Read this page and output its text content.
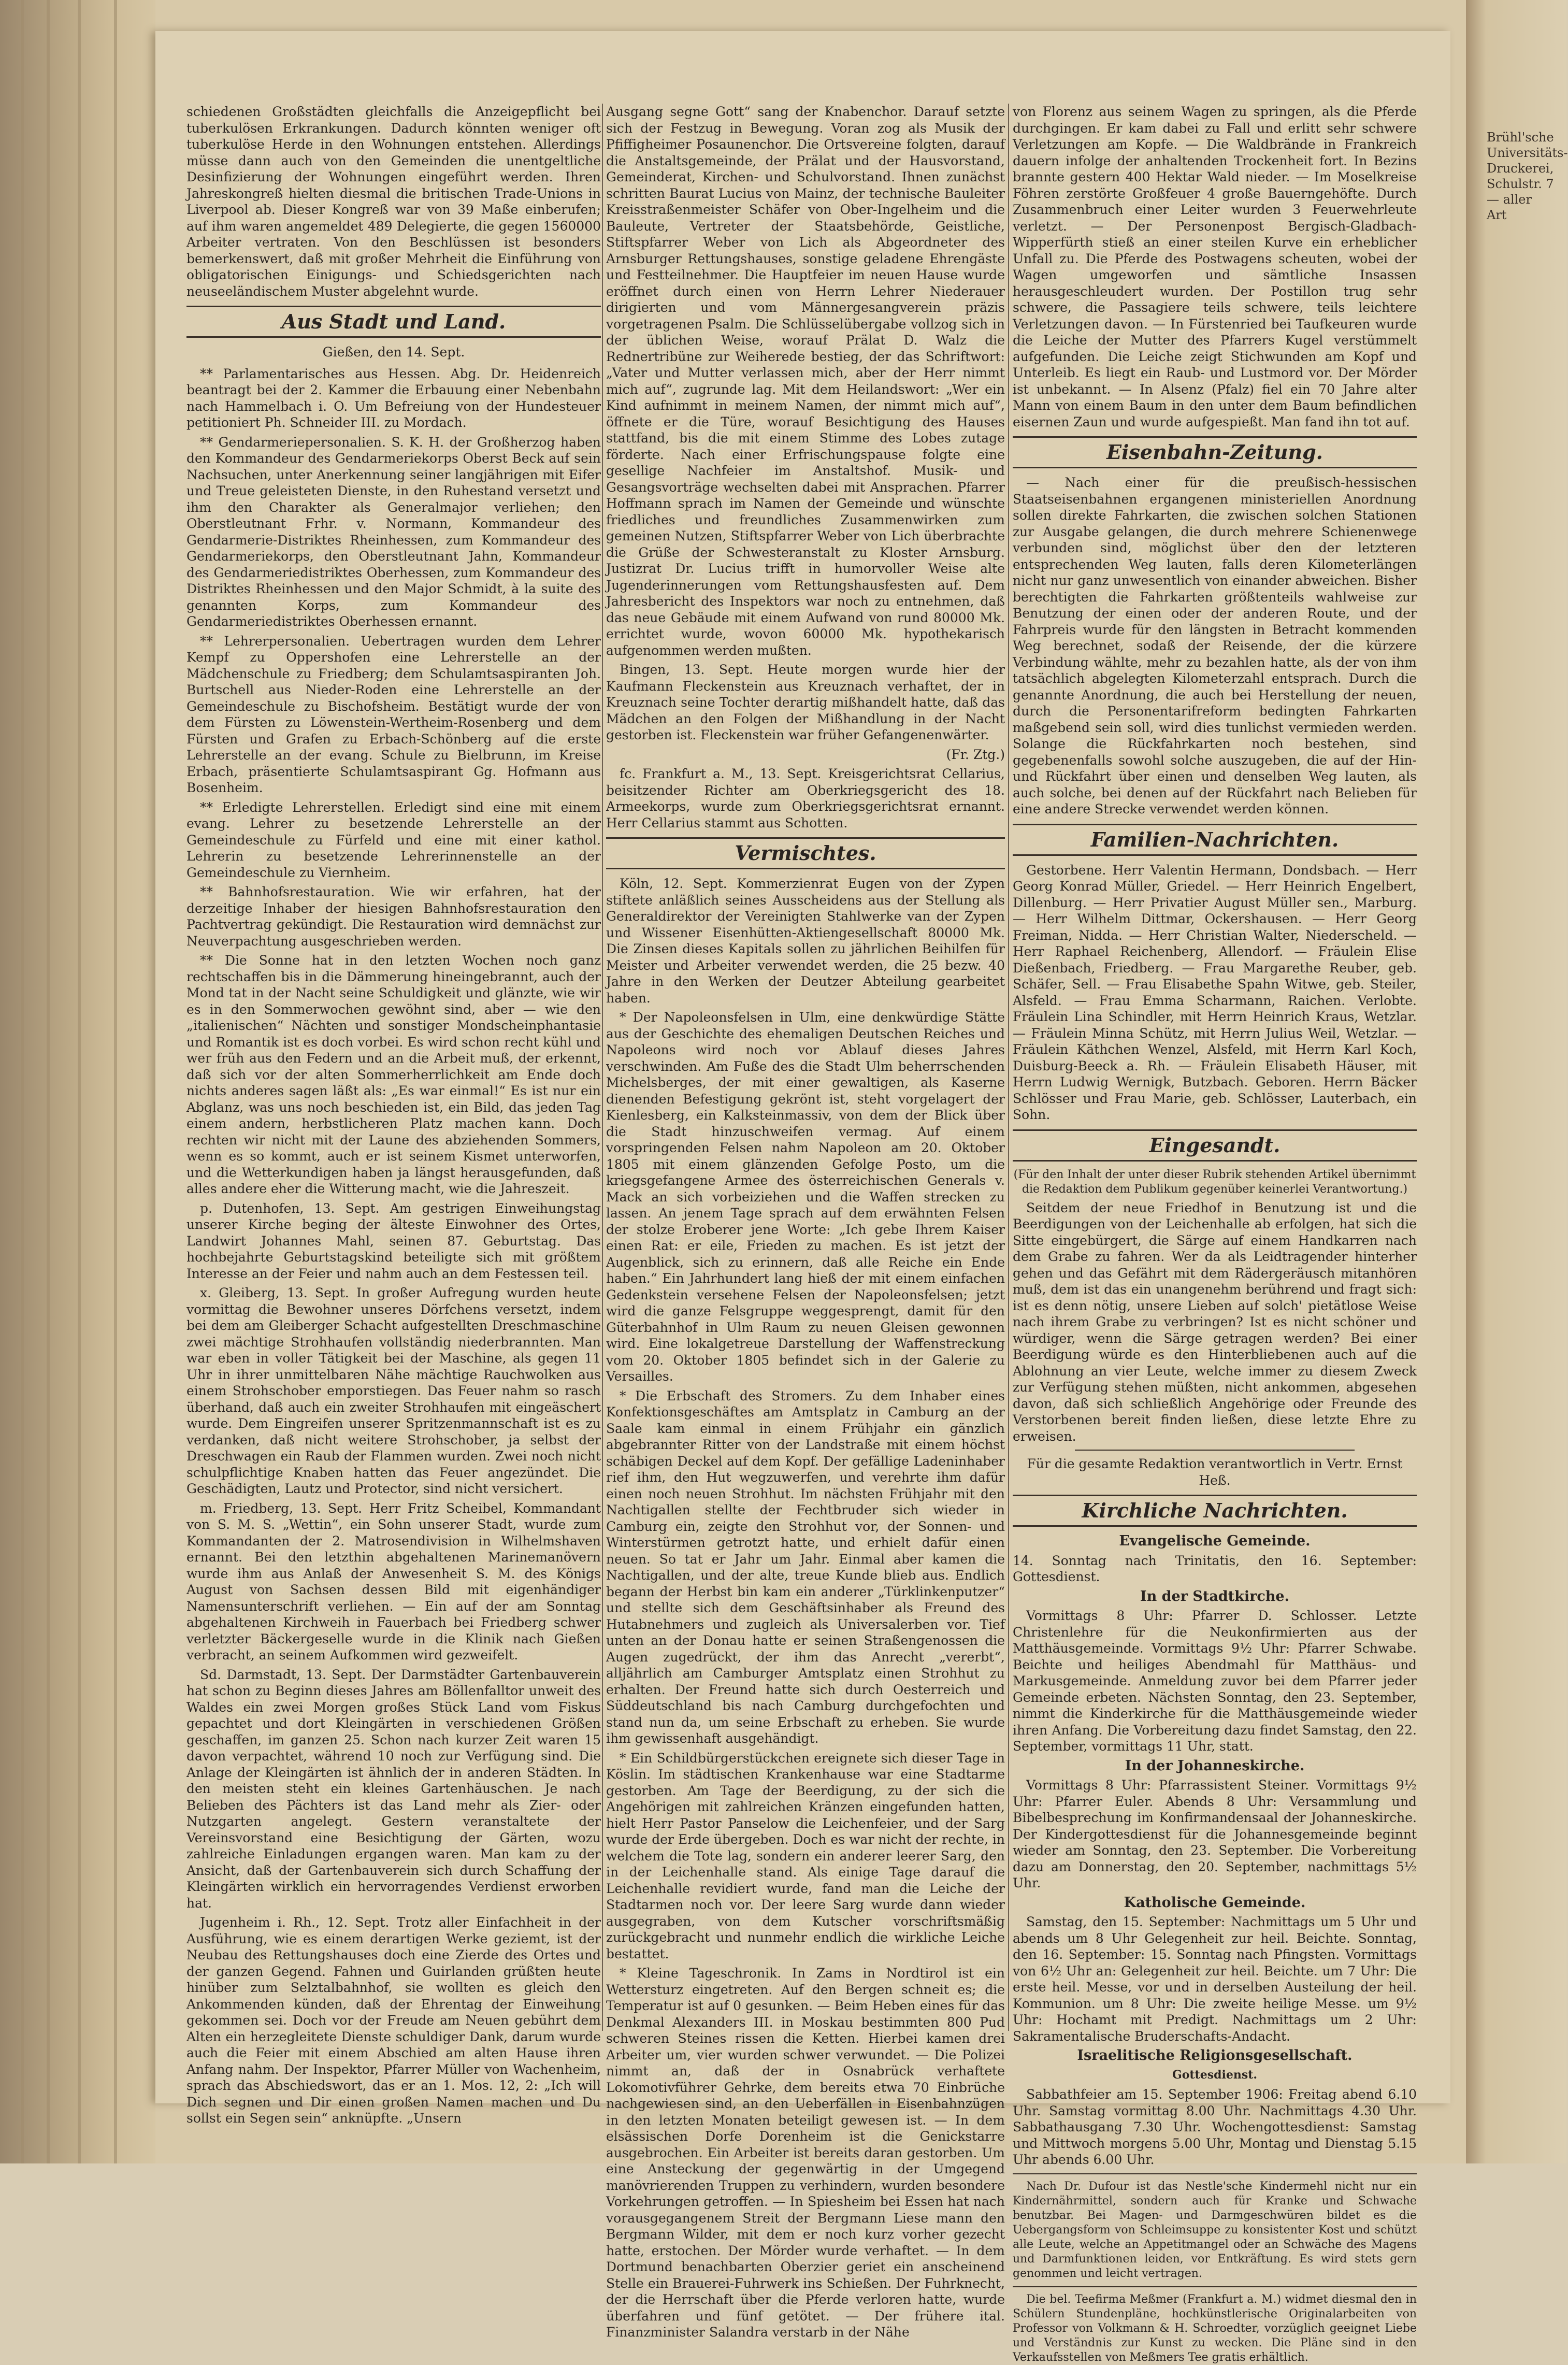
Brühl'sche Universitäts-Druckerei, Schulstr. 7 — aller Art

schiedenen Großstädten gleichfalls die Anzeigepflicht bei tuberkulösen Erkrankungen. Dadurch könnten weniger oft tuberkulöse Herde in den Wohnungen entstehen. Allerdings müsse dann auch von den Gemeinden die unentgeltliche Desinfizierung der Wohnungen eingeführt werden. Ihren Jahreskongreß hielten diesmal die britischen Trade-Unions in Liverpool ab. Dieser Kongreß war von 39 Maße einberufen; auf ihm waren angemeldet 489 Delegierte, die gegen 1560000 Arbeiter vertraten. Von den Beschlüssen ist besonders bemerkenswert, daß mit großer Mehrheit die Einführung von obligatorischen Einigungs- und Schiedsgerichten nach neuseeländischem Muster abgelehnt wurde.

Aus Stadt und Land.
Gießen, den 14. Sept.

** Parlamentarisches aus Hessen. Abg. Dr. Heidenreich beantragt bei der 2. Kammer die Erbauung einer Nebenbahn nach Hammelbach i. O. Um Befreiung von der Hundesteuer petitioniert Ph. Schneider III. zu Mordach.

** Gendarmeriepersonalien. S. K. H. der Großherzog haben den Kommandeur des Gendarmeriekorps Oberst Beck auf sein Nachsuchen, unter Anerkennung seiner langjährigen mit Eifer und Treue geleisteten Dienste, in den Ruhestand versetzt und ihm den Charakter als Generalmajor verliehen; den Oberstleutnant Frhr. v. Normann, Kommandeur des Gendarmerie-Distriktes Rheinhessen, zum Kommandeur des Gendarmeriekorps, den Oberstleutnant Jahn, Kommandeur des Gendarmeriedistriktes Oberhessen, zum Kommandeur des Distriktes Rheinhessen und den Major Schmidt, à la suite des genannten Korps, zum Kommandeur des Gendarmeriedistriktes Oberhessen ernannt.

** Lehrerpersonalien. Uebertragen wurden dem Lehrer Kempf zu Oppershofen eine Lehrerstelle an der Mädchenschule zu Friedberg; dem Schulamtsaspiranten Joh. Burtschell aus Nieder-Roden eine Lehrerstelle an der Gemeindeschule zu Bischofsheim. Bestätigt wurde der von dem Fürsten zu Löwenstein-Wertheim-Rosenberg und dem Fürsten und Grafen zu Erbach-Schönberg auf die erste Lehrerstelle an der evang. Schule zu Bielbrunn, im Kreise Erbach, präsentierte Schulamtsaspirant Gg. Hofmann aus Bosenheim.

** Erledigte Lehrerstellen. Erledigt sind eine mit einem evang. Lehrer zu besetzende Lehrerstelle an der Gemeindeschule zu Fürfeld und eine mit einer kathol. Lehrerin zu besetzende Lehrerinnenstelle an der Gemeindeschule zu Viernheim.

** Bahnhofsrestauration. Wie wir erfahren, hat der derzeitige Inhaber der hiesigen Bahnhofsrestauration den Pachtvertrag gekündigt. Die Restauration wird demnächst zur Neuverpachtung ausgeschrieben werden.

** Die Sonne hat in den letzten Wochen noch ganz rechtschaffen bis in die Dämmerung hineingebrannt, auch der Mond tat in der Nacht seine Schuldigkeit und glänzte, wie wir es in den Sommerwochen gewöhnt sind, aber — wie den „italienischen“ Nächten und sonstiger Mondscheinphantasie und Romantik ist es doch vorbei. Es wird schon recht kühl und wer früh aus den Federn und an die Arbeit muß, der erkennt, daß sich vor der alten Sommerherrlichkeit am Ende doch nichts anderes sagen läßt als: „Es war einmal!“ Es ist nur ein Abglanz, was uns noch beschieden ist, ein Bild, das jeden Tag einem andern, herbstlicheren Platz machen kann. Doch rechten wir nicht mit der Laune des abziehenden Sommers, wenn es so kommt, auch er ist seinem Kismet unterworfen, und die Wetterkundigen haben ja längst herausgefunden, daß alles andere eher die Witterung macht, wie die Jahreszeit.

p. Dutenhofen, 13. Sept. Am gestrigen Einweihungstag unserer Kirche beging der älteste Einwohner des Ortes, Landwirt Johannes Mahl, seinen 87. Geburtstag. Das hochbejahrte Geburtstagskind beteiligte sich mit größtem Interesse an der Feier und nahm auch an dem Festessen teil.

x. Gleiberg, 13. Sept. In großer Aufregung wurden heute vormittag die Bewohner unseres Dörfchens versetzt, indem bei dem am Gleiberger Schacht aufgestellten Dreschmaschine zwei mächtige Strohhaufen vollständig niederbrannten. Man war eben in voller Tätigkeit bei der Maschine, als gegen 11 Uhr in ihrer unmittelbaren Nähe mächtige Rauchwolken aus einem Strohschober emporstiegen. Das Feuer nahm so rasch überhand, daß auch ein zweiter Strohhaufen mit eingeäschert wurde. Dem Eingreifen unserer Spritzenmannschaft ist es zu verdanken, daß nicht weitere Strohschober, ja selbst der Dreschwagen ein Raub der Flammen wurden. Zwei noch nicht schulpflichtige Knaben hatten das Feuer angezündet. Die Geschädigten, Lautz und Protector, sind nicht versichert.

m. Friedberg, 13. Sept. Herr Fritz Scheibel, Kommandant von S. M. S. „Wettin“, ein Sohn unserer Stadt, wurde zum Kommandanten der 2. Matrosendivision in Wilhelmshaven ernannt. Bei den letzthin abgehaltenen Marinemanövern wurde ihm aus Anlaß der Anwesenheit S. M. des Königs August von Sachsen dessen Bild mit eigenhändiger Namensunterschrift verliehen. — Ein auf der am Sonntag abgehaltenen Kirchweih in Fauerbach bei Friedberg schwer verletzter Bäckergeselle wurde in die Klinik nach Gießen verbracht, an seinem Aufkommen wird gezweifelt.

Sd. Darmstadt, 13. Sept. Der Darmstädter Gartenbauverein hat schon zu Beginn dieses Jahres am Böllenfalltor unweit des Waldes ein zwei Morgen großes Stück Land vom Fiskus gepachtet und dort Kleingärten in verschiedenen Größen geschaffen, im ganzen 25. Schon nach kurzer Zeit waren 15 davon verpachtet, während 10 noch zur Verfügung sind. Die Anlage der Kleingärten ist ähnlich der in anderen Städten. In den meisten steht ein kleines Gartenhäuschen. Je nach Belieben des Pächters ist das Land mehr als Zier- oder Nutzgarten angelegt. Gestern veranstaltete der Vereinsvorstand eine Besichtigung der Gärten, wozu zahlreiche Einladungen ergangen waren. Man kam zu der Ansicht, daß der Gartenbauverein sich durch Schaffung der Kleingärten wirklich ein hervorragendes Verdienst erworben hat.

Jugenheim i. Rh., 12. Sept. Trotz aller Einfachheit in der Ausführung, wie es einem derartigen Werke geziemt, ist der Neubau des Rettungshauses doch eine Zierde des Ortes und der ganzen Gegend. Fahnen und Guirlanden grüßten heute hinüber zum Selztalbahnhof, sie wollten es gleich den Ankommenden künden, daß der Ehrentag der Einweihung gekommen sei. Doch vor der Freude am Neuen gebührt dem Alten ein herzegleitete Dienste schuldiger Dank, darum wurde auch die Feier mit einem Abschied am alten Hause ihren Anfang nahm. Der Inspektor, Pfarrer Müller von Wachenheim, sprach das Abschiedswort, das er an 1. Mos. 12, 2: „Ich will Dich segnen und Dir einen großen Namen machen und Du sollst ein Segen sein“ anknüpfte. „Unsern

Ausgang segne Gott“ sang der Knabenchor. Darauf setzte sich der Festzug in Bewegung. Voran zog als Musik der Pfiffigheimer Posaunenchor. Die Ortsvereine folgten, darauf die Anstaltsgemeinde, der Prälat und der Hausvorstand, Gemeinderat, Kirchen- und Schulvorstand. Ihnen zunächst schritten Baurat Lucius von Mainz, der technische Bauleiter Kreisstraßenmeister Schäfer von Ober-Ingelheim und die Bauleute, Vertreter der Staatsbehörde, Geistliche, Stiftspfarrer Weber von Lich als Abgeordneter des Arnsburger Rettungshauses, sonstige geladene Ehrengäste und Festteilnehmer. Die Hauptfeier im neuen Hause wurde eröffnet durch einen von Herrn Lehrer Niederauer dirigierten und vom Männergesangverein präzis vorgetragenen Psalm. Die Schlüsselübergabe vollzog sich in der üblichen Weise, worauf Prälat D. Walz die Rednertribüne zur Weiherede bestieg, der das Schriftwort: „Vater und Mutter verlassen mich, aber der Herr nimmt mich auf“, zugrunde lag. Mit dem Heilandswort: „Wer ein Kind aufnimmt in meinem Namen, der nimmt mich auf“, öffnete er die Türe, worauf Besichtigung des Hauses stattfand, bis die mit einem Stimme des Lobes zutage förderte. Nach einer Erfrischungspause folgte eine gesellige Nachfeier im Anstaltshof. Musik- und Gesangsvorträge wechselten dabei mit Ansprachen. Pfarrer Hoffmann sprach im Namen der Gemeinde und wünschte friedliches und freundliches Zusammenwirken zum gemeinen Nutzen, Stiftspfarrer Weber von Lich überbrachte die Grüße der Schwesteranstalt zu Kloster Arnsburg. Justizrat Dr. Lucius trifft in humorvoller Weise alte Jugenderinnerungen vom Rettungshausfesten auf. Dem Jahresbericht des Inspektors war noch zu entnehmen, daß das neue Gebäude mit einem Aufwand von rund 80000 Mk. errichtet wurde, wovon 60000 Mk. hypothekarisch aufgenommen werden mußten.

Bingen, 13. Sept. Heute morgen wurde hier der Kaufmann Fleckenstein aus Kreuznach verhaftet, der in Kreuznach seine Tochter derartig mißhandelt hatte, daß das Mädchen an den Folgen der Mißhandlung in der Nacht gestorben ist. Fleckenstein war früher Gefangenenwärter.

(Fr. Ztg.)

fc. Frankfurt a. M., 13. Sept. Kreisgerichtsrat Cellarius, beisitzender Richter am Oberkriegsgericht des 18. Armeekorps, wurde zum Oberkriegsgerichtsrat ernannt. Herr Cellarius stammt aus Schotten.

Vermischtes.

Köln, 12. Sept. Kommerzienrat Eugen von der Zypen stiftete anläßlich seines Ausscheidens aus der Stellung als Generaldirektor der Vereinigten Stahlwerke van der Zypen und Wissener Eisenhütten-Aktiengesellschaft 80000 Mk. Die Zinsen dieses Kapitals sollen zu jährlichen Beihilfen für Meister und Arbeiter verwendet werden, die 25 bezw. 40 Jahre in den Werken der Deutzer Abteilung gearbeitet haben.

* Der Napoleonsfelsen in Ulm, eine denkwürdige Stätte aus der Geschichte des ehemaligen Deutschen Reiches und Napoleons wird noch vor Ablauf dieses Jahres verschwinden. Am Fuße des die Stadt Ulm beherrschenden Michelsberges, der mit einer gewaltigen, als Kaserne dienenden Befestigung gekrönt ist, steht vorgelagert der Kienlesberg, ein Kalksteinmassiv, von dem der Blick über die Stadt hinzuschweifen vermag. Auf einem vorspringenden Felsen nahm Napoleon am 20. Oktober 1805 mit einem glänzenden Gefolge Posto, um die kriegsgefangene Armee des österreichischen Generals v. Mack an sich vorbeiziehen und die Waffen strecken zu lassen. An jenem Tage sprach auf dem erwähnten Felsen der stolze Eroberer jene Worte: „Ich gebe Ihrem Kaiser einen Rat: er eile, Frieden zu machen. Es ist jetzt der Augenblick, sich zu erinnern, daß alle Reiche ein Ende haben.“ Ein Jahrhundert lang hieß der mit einem einfachen Gedenkstein versehene Felsen der Napoleonsfelsen; jetzt wird die ganze Felsgruppe weggesprengt, damit für den Güterbahnhof in Ulm Raum zu neuen Gleisen gewonnen wird. Eine lokalgetreue Darstellung der Waffenstreckung vom 20. Oktober 1805 befindet sich in der Galerie zu Versailles.

* Die Erbschaft des Stromers. Zu dem Inhaber eines Konfektionsgeschäftes am Amtsplatz in Camburg an der Saale kam einmal in einem Frühjahr ein gänzlich abgebrannter Ritter von der Landstraße mit einem höchst schäbigen Deckel auf dem Kopf. Der gefällige Ladeninhaber rief ihm, den Hut wegzuwerfen, und verehrte ihm dafür einen noch neuen Strohhut. Im nächsten Frühjahr mit den Nachtigallen stellte der Fechtbruder sich wieder in Camburg ein, zeigte den Strohhut vor, der Sonnen- und Winterstürmen getrotzt hatte, und erhielt dafür einen neuen. So tat er Jahr um Jahr. Einmal aber kamen die Nachtigallen, und der alte, treue Kunde blieb aus. Endlich begann der Herbst bin kam ein anderer „Türklinkenputzer“ und stellte sich dem Geschäftsinhaber als Freund des Hutabnehmers und zugleich als Universalerben vor. Tief unten an der Donau hatte er seinen Straßengenossen die Augen zugedrückt, der ihm das Anrecht „vererbt“, alljährlich am Camburger Amtsplatz einen Strohhut zu erhalten. Der Freund hatte sich durch Oesterreich und Süddeutschland bis nach Camburg durchgefochten und stand nun da, um seine Erbschaft zu erheben. Sie wurde ihm gewissenhaft ausgehändigt.

* Ein Schildbürgerstückchen ereignete sich dieser Tage in Köslin. Im städtischen Krankenhause war eine Stadtarme gestorben. Am Tage der Beerdigung, zu der sich die Angehörigen mit zahlreichen Kränzen eingefunden hatten, hielt Herr Pastor Panselow die Leichenfeier, und der Sarg wurde der Erde übergeben. Doch es war nicht der rechte, in welchem die Tote lag, sondern ein anderer leerer Sarg, den in der Leichenhalle stand. Als einige Tage darauf die Leichenhalle revidiert wurde, fand man die Leiche der Stadtarmen noch vor. Der leere Sarg wurde dann wieder ausgegraben, von dem Kutscher vorschriftsmäßig zurückgebracht und nunmehr endlich die wirkliche Leiche bestattet.

* Kleine Tageschronik. In Zams in Nordtirol ist ein Wettersturz eingetreten. Auf den Bergen schneit es; die Temperatur ist auf 0 gesunken. — Beim Heben eines für das Denkmal Alexanders III. in Moskau bestimmten 800 Pud schweren Steines rissen die Ketten. Hierbei kamen drei Arbeiter um, vier wurden schwer verwundet. — Die Polizei nimmt an, daß der in Osnabrück verhaftete Lokomotivführer Gehrke, dem bereits etwa 70 Einbrüche nachgewiesen sind, an den Ueberfällen in Eisenbahnzügen in den letzten Monaten beteiligt gewesen ist. — In dem elsässischen Dorfe Dorenheim ist die Genickstarre ausgebrochen. Ein Arbeiter ist bereits daran gestorben. Um eine Ansteckung der gegenwärtig in der Umgegend manövrierenden Truppen zu verhindern, wurden besondere Vorkehrungen getroffen. — In Spiesheim bei Essen hat nach vorausgegangenem Streit der Bergmann Liese mann den Bergmann Wilder, mit dem er noch kurz vorher gezecht hatte, erstochen. Der Mörder wurde verhaftet. — In dem Dortmund benachbarten Oberzier geriet ein anscheinend Stelle ein Brauerei-Fuhrwerk ins Schießen. Der Fuhrknecht, der die Herrschaft über die Pferde verloren hatte, wurde überfahren und fünf getötet. — Der frühere ital. Finanzminister Salandra verstarb in der Nähe

von Florenz aus seinem Wagen zu springen, als die Pferde durchgingen. Er kam dabei zu Fall und erlitt sehr schwere Verletzungen am Kopfe. — Die Waldbrände in Frankreich dauern infolge der anhaltenden Trockenheit fort. In Bezins brannte gestern 400 Hektar Wald nieder. — Im Moselkreise Föhren zerstörte Großfeuer 4 große Bauerngehöfte. Durch Zusammenbruch einer Leiter wurden 3 Feuerwehrleute verletzt. — Der Personenpost Bergisch-Gladbach-Wipperfürth stieß an einer steilen Kurve ein erheblicher Unfall zu. Die Pferde des Postwagens scheuten, wobei der Wagen umgeworfen und sämtliche Insassen herausgeschleudert wurden. Der Postillon trug sehr schwere, die Passagiere teils schwere, teils leichtere Verletzungen davon. — In Fürstenried bei Taufkeuren wurde die Leiche der Mutter des Pfarrers Kugel verstümmelt aufgefunden. Die Leiche zeigt Stichwunden am Kopf und Unterleib. Es liegt ein Raub- und Lustmord vor. Der Mörder ist unbekannt. — In Alsenz (Pfalz) fiel ein 70 Jahre alter Mann von einem Baum in den unter dem Baum befindlichen eisernen Zaun und wurde aufgespießt. Man fand ihn tot auf.

Eisenbahn-Zeitung.

— Nach einer für die preußisch-hessischen Staatseisenbahnen ergangenen ministeriellen Anordnung sollen direkte Fahrkarten, die zwischen solchen Stationen zur Ausgabe gelangen, die durch mehrere Schienenwege verbunden sind, möglichst über den der letzteren entsprechenden Weg lauten, falls deren Kilometerlängen nicht nur ganz unwesentlich von einander abweichen. Bisher berechtigten die Fahrkarten größtenteils wahlweise zur Benutzung der einen oder der anderen Route, und der Fahrpreis wurde für den längsten in Betracht kommenden Weg berechnet, sodaß der Reisende, der die kürzere Verbindung wählte, mehr zu bezahlen hatte, als der von ihm tatsächlich abgelegten Kilometerzahl entsprach. Durch die genannte Anordnung, die auch bei Herstellung der neuen, durch die Personentarifreform bedingten Fahrkarten maßgebend sein soll, wird dies tunlichst vermieden werden. Solange die Rückfahrkarten noch bestehen, sind gegebenenfalls sowohl solche auszugeben, die auf der Hin- und Rückfahrt über einen und denselben Weg lauten, als auch solche, bei denen auf der Rückfahrt nach Belieben für eine andere Strecke verwendet werden können.

Familien-Nachrichten.

Gestorbene. Herr Valentin Hermann, Dondsbach. — Herr Georg Konrad Müller, Griedel. — Herr Heinrich Engelbert, Dillenburg. — Herr Privatier August Müller sen., Marburg. — Herr Wilhelm Dittmar, Ockershausen. — Herr Georg Freiman, Nidda. — Herr Christian Walter, Niederscheld. — Herr Raphael Reichenberg, Allendorf. — Fräulein Elise Dießenbach, Friedberg. — Frau Margarethe Reuber, geb. Schäfer, Sell. — Frau Elisabethe Spahn Witwe, geb. Steiler, Alsfeld. — Frau Emma Scharmann, Raichen. Verlobte. Fräulein Lina Schindler, mit Herrn Heinrich Kraus, Wetzlar. — Fräulein Minna Schütz, mit Herrn Julius Weil, Wetzlar. — Fräulein Käthchen Wenzel, Alsfeld, mit Herrn Karl Koch, Duisburg-Beeck a. Rh. — Fräulein Elisabeth Häuser, mit Herrn Ludwig Wernigk, Butzbach. Geboren. Herrn Bäcker Schlösser und Frau Marie, geb. Schlösser, Lauterbach, ein Sohn.

Eingesandt.

(Für den Inhalt der unter dieser Rubrik stehenden Artikel übernimmt die Redaktion dem Publikum gegenüber keinerlei Verantwortung.)

Seitdem der neue Friedhof in Benutzung ist und die Beerdigungen von der Leichenhalle ab erfolgen, hat sich die Sitte eingebürgert, die Särge auf einem Handkarren nach dem Grabe zu fahren. Wer da als Leidtragender hinterher gehen und das Gefährt mit dem Rädergeräusch mitanhören muß, dem ist das ein unangenehm berührend und fragt sich: ist es denn nötig, unsere Lieben auf solch' pietätlose Weise nach ihrem Grabe zu verbringen? Ist es nicht schöner und würdiger, wenn die Särge getragen werden? Bei einer Beerdigung würde es den Hinterbliebenen auch auf die Ablohnung an vier Leute, welche immer zu diesem Zweck zur Verfügung stehen müßten, nicht ankommen, abgesehen davon, daß sich schließlich Angehörige oder Freunde des Verstorbenen bereit finden ließen, diese letzte Ehre zu erweisen.

Für die gesamte Redaktion verantwortlich in Vertr. Ernst Heß.

Kirchliche Nachrichten.
Evangelische Gemeinde.

14. Sonntag nach Trinitatis, den 16. September: Gottesdienst.

In der Stadtkirche.

Vormittags 8 Uhr: Pfarrer D. Schlosser. Letzte Christenlehre für die Neukonfirmierten aus der Matthäusgemeinde. Vormittags 9½ Uhr: Pfarrer Schwabe. Beichte und heiliges Abendmahl für Matthäus- und Markusgemeinde. Anmeldung zuvor bei dem Pfarrer jeder Gemeinde erbeten. Nächsten Sonntag, den 23. September, nimmt die Kinderkirche für die Matthäusgemeinde wieder ihren Anfang. Die Vorbereitung dazu findet Samstag, den 22. September, vormittags 11 Uhr, statt.

In der Johanneskirche.

Vormittags 8 Uhr: Pfarrassistent Steiner. Vormittags 9½ Uhr: Pfarrer Euler. Abends 8 Uhr: Versammlung und Bibelbesprechung im Konfirmandensaal der Johanneskirche. Der Kindergottesdienst für die Johannesgemeinde beginnt wieder am Sonntag, den 23. September. Die Vorbereitung dazu am Donnerstag, den 20. September, nachmittags 5½ Uhr.

Katholische Gemeinde.

Samstag, den 15. September: Nachmittags um 5 Uhr und abends um 8 Uhr Gelegenheit zur heil. Beichte. Sonntag, den 16. September: 15. Sonntag nach Pfingsten. Vormittags von 6½ Uhr an: Gelegenheit zur heil. Beichte. um 7 Uhr: Die erste heil. Messe, vor und in derselben Austeilung der heil. Kommunion. um 8 Uhr: Die zweite heilige Messe. um 9½ Uhr: Hochamt mit Predigt. Nachmittags um 2 Uhr: Sakramentalische Bruderschafts-Andacht.

Israelitische Religionsgesellschaft.
Gottesdienst.

Sabbathfeier am 15. September 1906: Freitag abend 6.10 Uhr. Samstag vormittag 8.00 Uhr. Nachmittags 4.30 Uhr. Sabbathausgang 7.30 Uhr. Wochengottesdienst: Samstag und Mittwoch morgens 5.00 Uhr, Montag und Dienstag 5.15 Uhr abends 6.00 Uhr.

Nach Dr. Dufour ist das Nestle'sche Kindermehl nicht nur ein Kindernährmittel, sondern auch für Kranke und Schwache benutzbar. Bei Magen- und Darmgeschwüren bildet es die Uebergangsform von Schleimsuppe zu konsistenter Kost und schützt alle Leute, welche an Appetitmangel oder an Schwäche des Magens und Darmfunktionen leiden, vor Entkräftung. Es wird stets gern genommen und leicht vertragen.

Die bel. Teefirma Meßmer (Frankfurt a. M.) widmet diesmal den in Schülern Stundenpläne, hochkünstlerische Originalarbeiten von Professor von Volkmann & H. Schroedter, vorzüglich geeignet Liebe und Verständnis zur Kunst zu wecken. Die Pläne sind in den Verkaufsstellen von Meßmers Tee gratis erhältlich.
